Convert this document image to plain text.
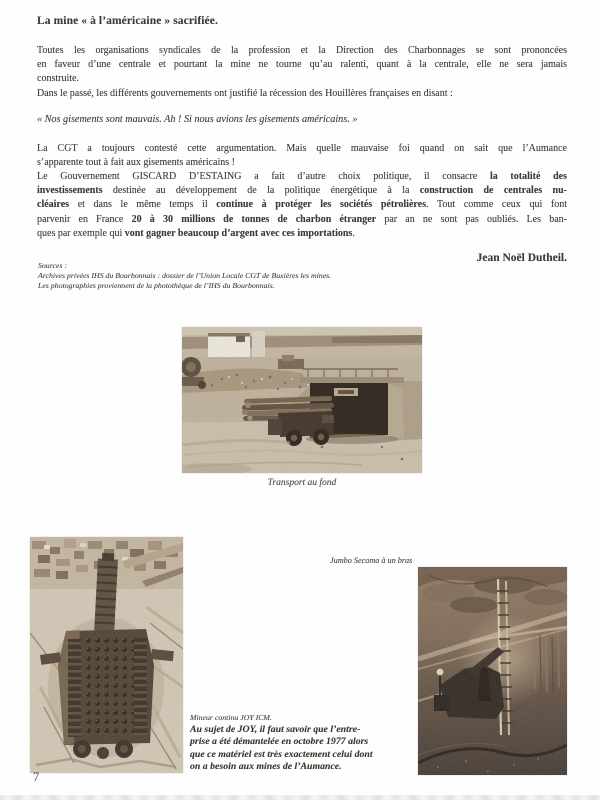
La mine « à l’américaine » sacrifiée.
Toutes les organisations syndicales de la profession et la Direction des Charbonnages se sont prononcées
en faveur d’une centrale et pourtant la mine ne tourne qu’au ralenti, quant à la centrale, elle ne sera jamais
construite.
Dans le passé, les différents gouvernements ont justifié la récession des Houillères françaises en disant :
« Nos gisements sont mauvais. Ah ! Si nous avions les gisements américains. »
La CGT a toujours contesté cette argumentation. Mais quelle mauvaise foi quand on sait que l’Aumance
s’apparente tout à fait aux gisements américains !
Le Gouvernement GISCARD D’ESTAING a fait d’autre choix politique, il consacre la totalité des
investissements destinée au développement de la politique énergétique à la construction de centrales nu-
cléaires et dans le même temps il continue à protéger les sociétés pétrolières. Tout comme ceux qui font
parvenir en France 20 à 30 millions de tonnes de charbon étranger par an ne sont pas oubliés. Les ban-
ques par exemple qui vont gagner beaucoup d’argent avec ces importations.
Jean Noël Dutheil.
Sources :
Archives privées IHS du Bourbonnais : dossier de l’Union Locale CGT de Buxières les mines.
Les photographies proviennent de la photothèque de l’IHS du Bourbonnais.
Transport au fond
Jumbo Secoma à un bras

Mineur continu JOY ICM.

Au sujet de JOY, il faut savoir que l’entre-
prise a été démantelée en octobre 1977 alors
que ce matériel est très exactement celui dont
on a besoin aux mines de l’Aumance.
7
